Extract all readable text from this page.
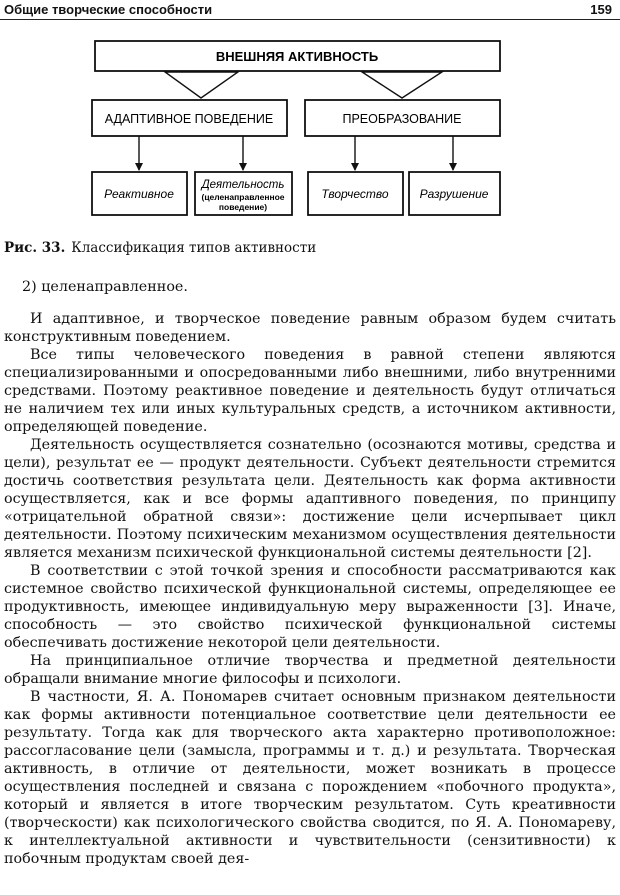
Общие творческие способности	159
ВНЕШНЯЯ АКТИВНОСТЬ
АДАПТИВНОЕ ПОВЕДЕНИЕ	ПРЕОБРАЗОВАНИЕ
Реактивное
Деятельность
(целенаправленное
поведение)
Творчество	Разрушение
Рис. 33. Классификация типов активности

2) целенаправленное.

И адаптивное, и творческое поведение равным образом будем считать конструктивным поведением.

Все типы человеческого поведения в равной степени являются специализированными и опосредованными либо внешними, либо внутренними средствами. Поэтому реактивное поведение и деятельность будут отличаться не наличием тех или иных культуральных средств, а источником активности, определяющей поведение.

Деятельность осуществляется сознательно (осознаются мотивы, средства и цели), результат ее — продукт деятельности. Субъект деятельности стремится достичь соответствия результата цели. Деятельность как форма активности осуществляется, как и все формы адаптивного поведения, по принципу «отрицательной обратной связи»: достижение цели исчерпывает цикл деятельности. Поэтому психическим механизмом осуществления деятельности является механизм психической функциональной системы деятельности [2].

В соответствии с этой точкой зрения и способности рассматриваются как системное свойство психической функциональной системы, определяющее ее продуктивность, имеющее индивидуальную меру выраженности [3]. Иначе, способность — это свойство психической функциональной системы обеспечивать достижение некоторой цели деятельности.

На принципиальное отличие творчества и предметной деятельности обращали внимание многие философы и психологи.

В частности, Я. А. Пономарев считает основным признаком деятельности как формы активности потенциальное соответствие цели деятельности ее результату. Тогда как для творческого акта характерно противоположное: рассогласование цели (замысла, программы и т. д.) и результата. Творческая активность, в отличие от деятельности, может возникать в процессе осуществления последней и связана с порождением «побочного продукта», который и является в итоге творческим результатом. Суть креативности (творческости) как психологического свойства сводится, по Я. А. Пономареву, к интеллектуальной активности и чувствительности (сензитивности) к побочным продуктам своей дея-
